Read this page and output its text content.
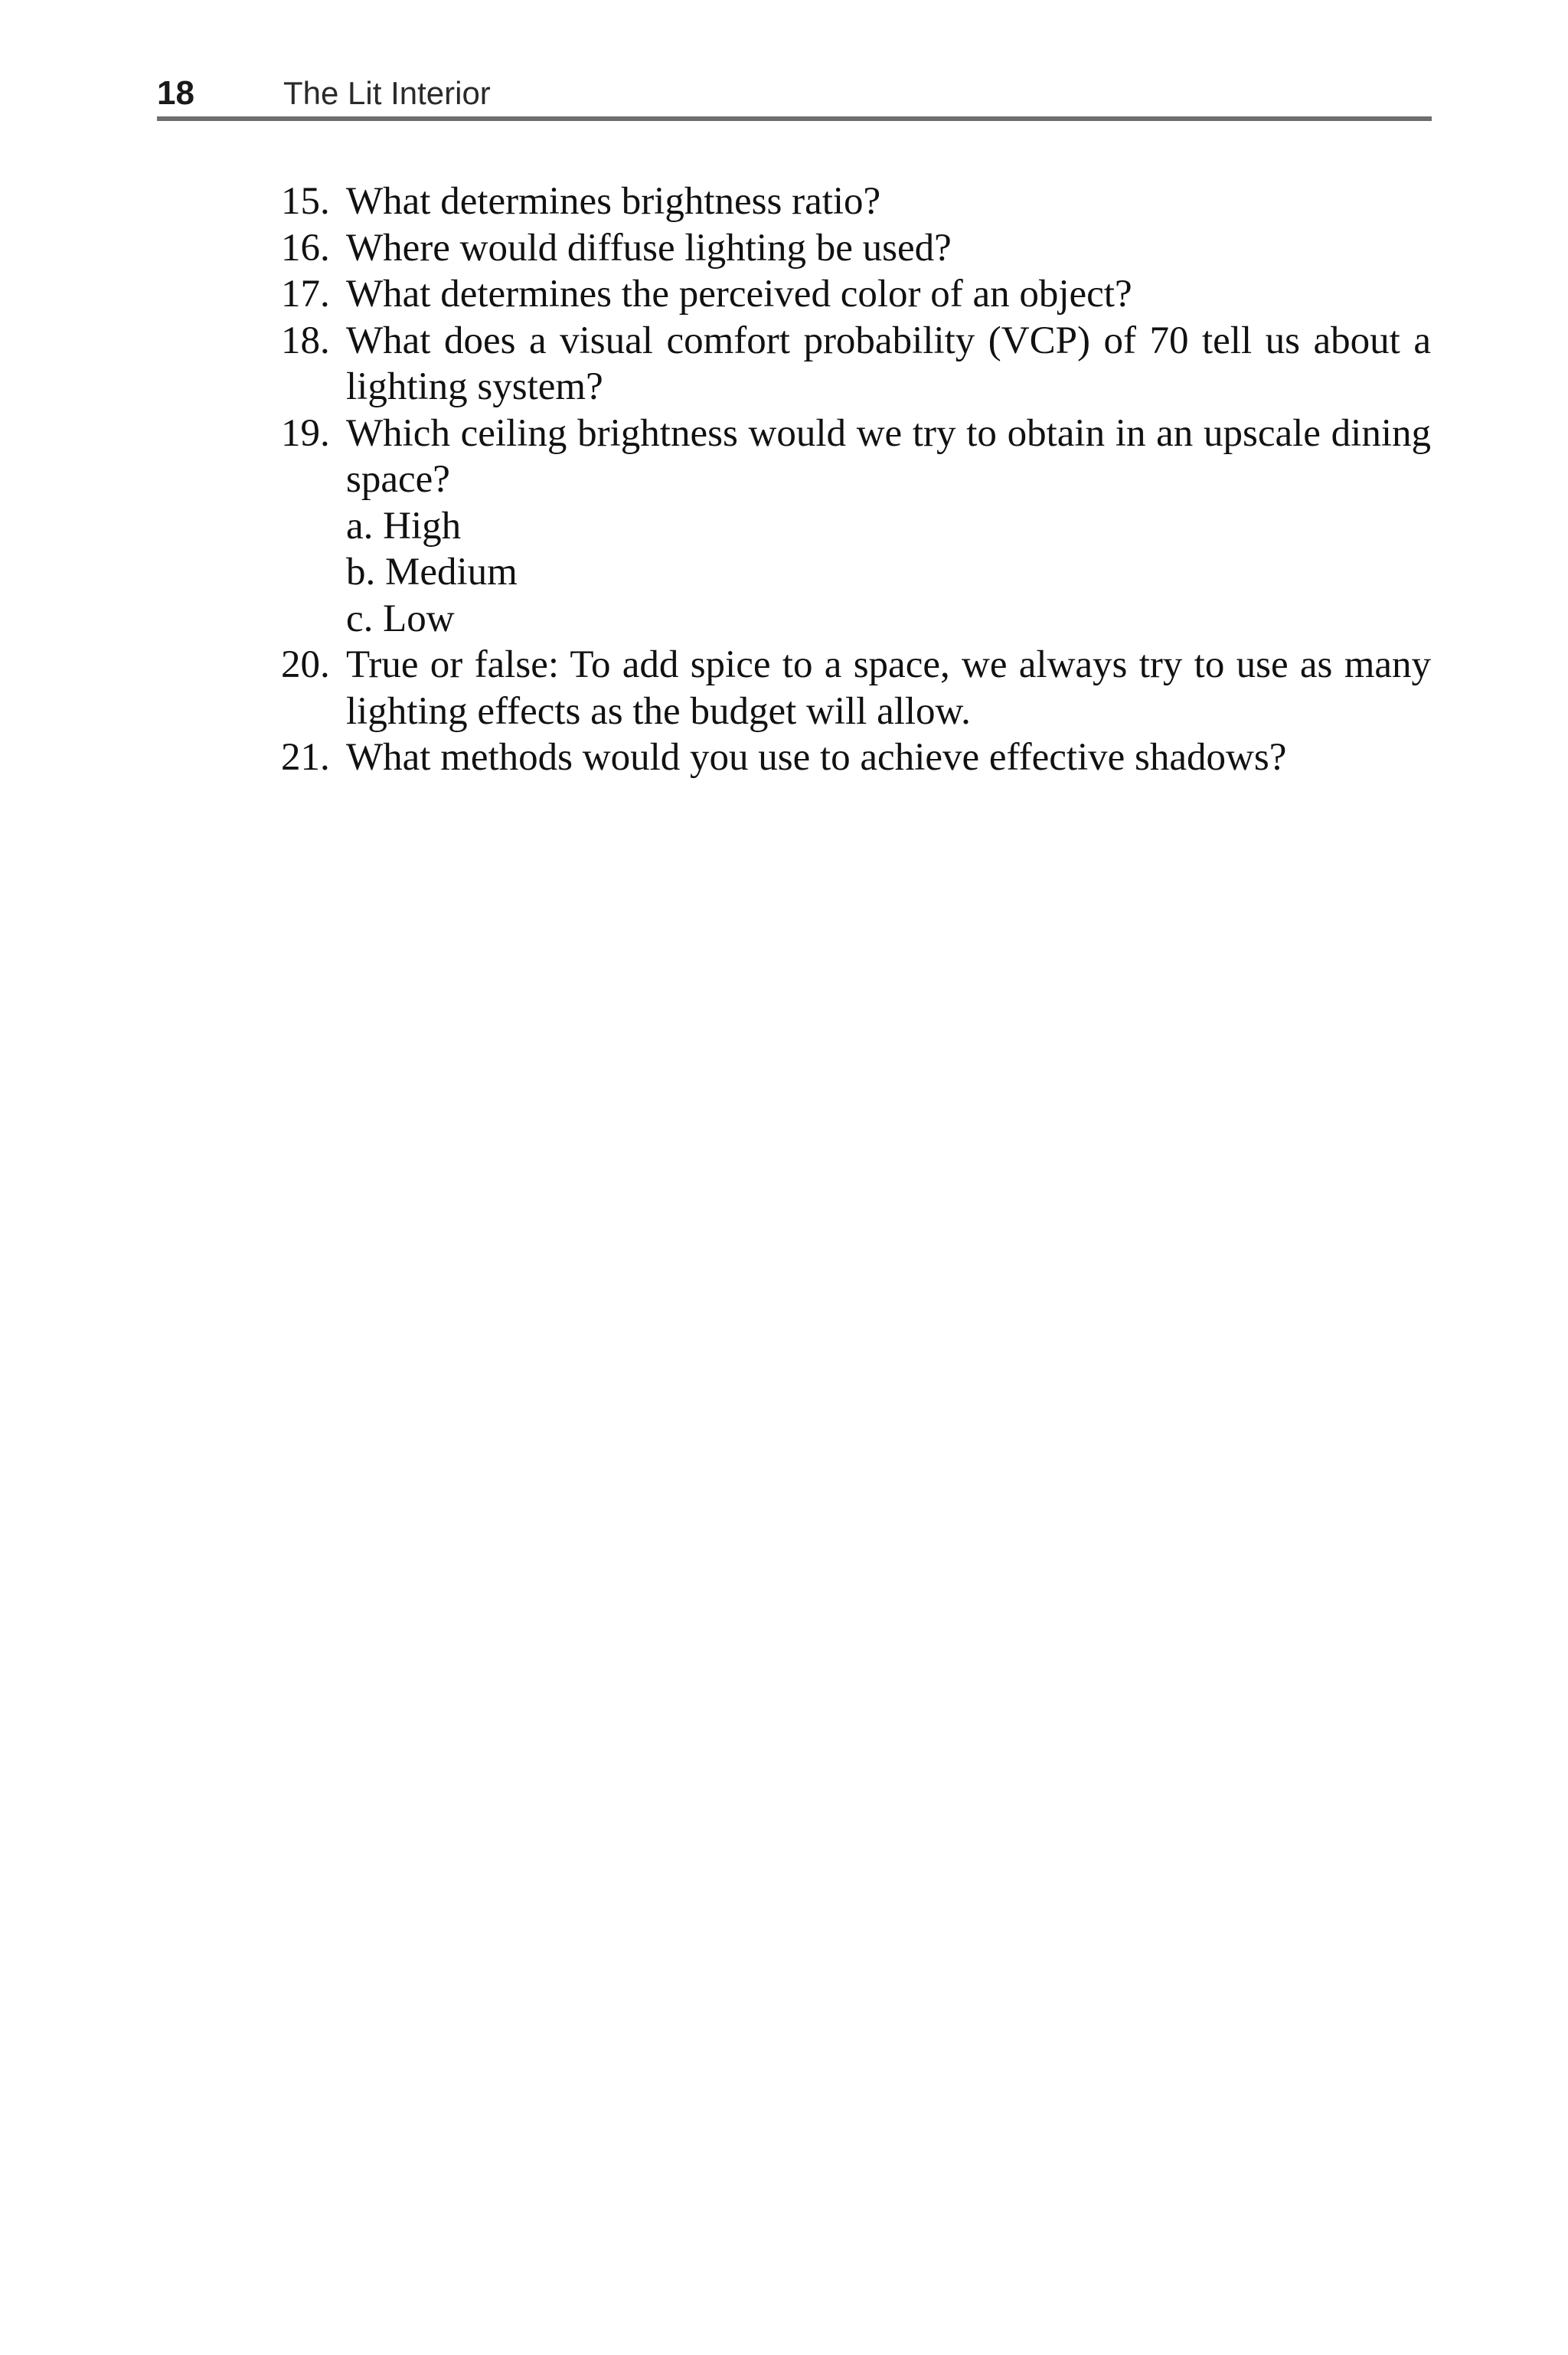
18	The Lit Interior
15. What determines brightness ratio?
16. Where would diffuse lighting be used?
17. What determines the perceived color of an object?
18. What does a visual comfort probability (VCP) of 70 tell us about a lighting system?
19. Which ceiling brightness would we try to obtain in an upscale dining space?
a. High
b. Medium
c. Low
20. True or false: To add spice to a space, we always try to use as many lighting effects as the budget will allow.
21. What methods would you use to achieve effective shadows?
